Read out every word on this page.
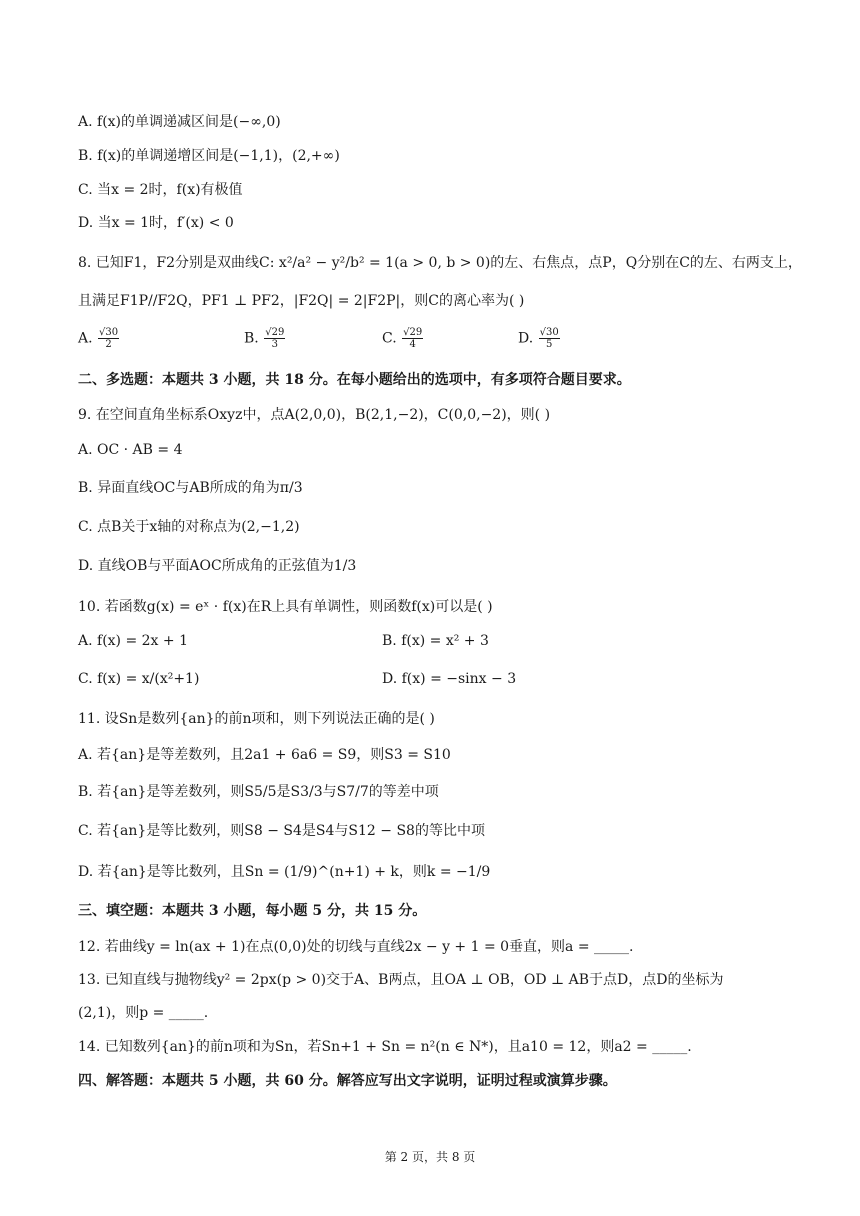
A. f(x)的单调递减区间是(−∞,0)
B. f(x)的单调递增区间是(−1,1)，(2,+∞)
C. 当x = 2时，f(x)有极值
D. 当x = 1时，f′(x) < 0
8. 已知F1，F2分别是双曲线C: x²/a² − y²/b² = 1(a > 0, b > 0)的左、右焦点，点P，Q分别在C的左、右两支上，
且满足F1P//F2Q，PF1 ⊥ PF2，|F2Q| = 2|F2P|，则C的离心率为( )
A. $\frac{√30}{2}$	B. $\frac{√29}{3}$	C. $\frac{√29}{4}$	D. $\frac{√30}{5}$
二、多选题：本题共 3 小题，共 18 分。在每小题给出的选项中，有多项符合题目要求。
9. 在空间直角坐标系Oxyz中，点A(2,0,0)，B(2,1,−2)，C(0,0,−2)，则( )
A. OC · AB = 4
B. 异面直线OC与AB所成的角为π/3
C. 点B关于x轴的对称点为(2,−1,2)
D. 直线OB与平面AOC所成角的正弦值为1/3
10. 若函数g(x) = eˣ · f(x)在R上具有单调性，则函数f(x)可以是( )
A. f(x) = 2x + 1	B. f(x) = x² + 3
C. f(x) = x/(x²+1)	D. f(x) = −sinx − 3
11. 设Sn是数列{an}的前n项和，则下列说法正确的是( )
A. 若{an}是等差数列，且2a1 + 6a6 = S9，则S3 = S10
B. 若{an}是等差数列，则S5/5是S3/3与S7/7的等差中项
C. 若{an}是等比数列，则S8 − S4是S4与S12 − S8的等比中项
D. 若{an}是等比数列，且Sn = (1/9)^(n+1) + k，则k = −1/9
三、填空题：本题共 3 小题，每小题 5 分，共 15 分。
12. 若曲线y = ln(ax + 1)在点(0,0)处的切线与直线2x − y + 1 = 0垂直，则a = _____.
13. 已知直线与抛物线y² = 2px(p > 0)交于A、B两点，且OA ⊥ OB，OD ⊥ AB于点D，点D的坐标为
(2,1)，则p = _____.
14. 已知数列{an}的前n项和为Sn，若Sn+1 + Sn = n²(n ∈ N*)，且a10 = 12，则a2 = _____.
四、解答题：本题共 5 小题，共 60 分。解答应写出文字说明，证明过程或演算步骤。
第 2 页，共 8 页
